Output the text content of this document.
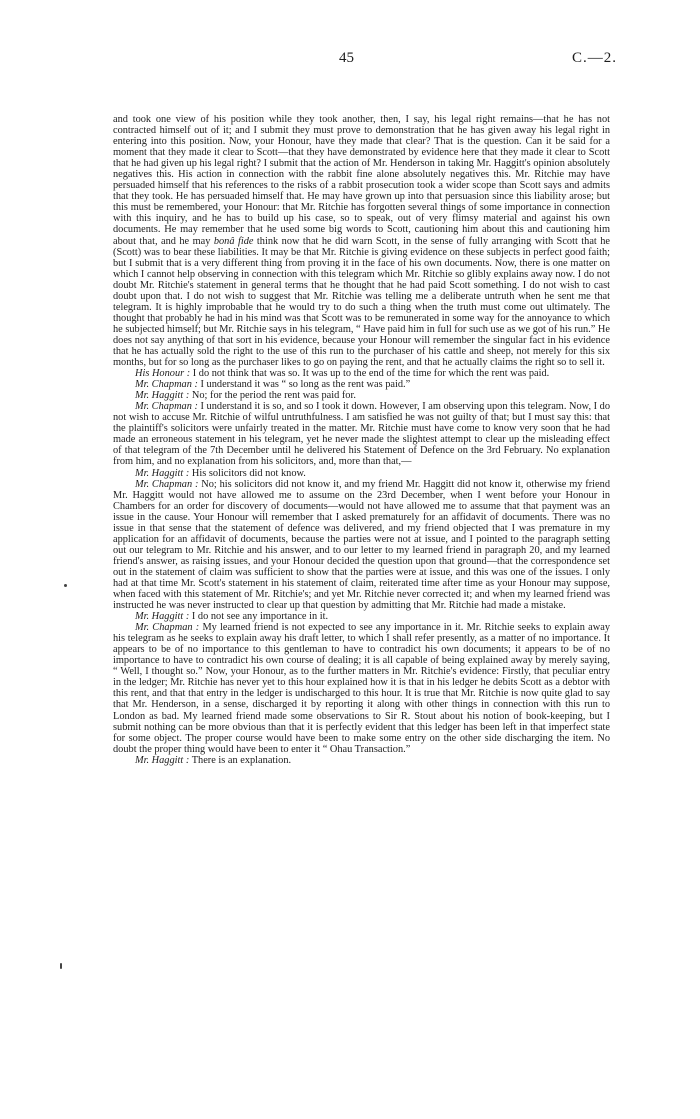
45	C.—2.

and took one view of his position while they took another, then, I say, his legal right remains—that he has not contracted himself out of it; and I submit they must prove to demonstration that he has given away his legal right in entering into this position. Now, your Honour, have they made that clear? That is the question. Can it be said for a moment that they made it clear to Scott—that they have demonstrated by evidence here that they made it clear to Scott that he had given up his legal right? I submit that the action of Mr. Henderson in taking Mr. Haggitt's opinion absolutely negatives this. His action in connection with the rabbit fine alone absolutely negatives this. Mr. Ritchie may have persuaded himself that his references to the risks of a rabbit prosecution took a wider scope than Scott says and admits that they took. He has persuaded himself that. He may have grown up into that persuasion since this liability arose; but this must be remembered, your Honour: that Mr. Ritchie has forgotten several things of some importance in connection with this inquiry, and he has to build up his case, so to speak, out of very flimsy material and against his own documents. He may remember that he used some big words to Scott, cautioning him about this and cautioning him about that, and he may bonâ fide think now that he did warn Scott, in the sense of fully arranging with Scott that he (Scott) was to bear these liabilities. It may be that Mr. Ritchie is giving evidence on these subjects in perfect good faith; but I submit that is a very different thing from proving it in the face of his own documents. Now, there is one matter on which I cannot help observing in connection with this telegram which Mr. Ritchie so glibly explains away now. I do not doubt Mr. Ritchie's statement in general terms that he thought that he had paid Scott something. I do not wish to cast doubt upon that. I do not wish to suggest that Mr. Ritchie was telling me a deliberate untruth when he sent me that telegram. It is highly improbable that he would try to do such a thing when the truth must come out ultimately. The thought that probably he had in his mind was that Scott was to be remunerated in some way for the annoyance to which he subjected himself; but Mr. Ritchie says in his telegram, “ Have paid him in full for such use as we got of his run.” He does not say anything of that sort in his evidence, because your Honour will remember the singular fact in his evidence that he has actually sold the right to the use of this run to the purchaser of his cattle and sheep, not merely for this six months, but for so long as the purchaser likes to go on paying the rent, and that he actually claims the right so to sell it.

His Honour : I do not think that was so. It was up to the end of the time for which the rent was paid.

Mr. Chapman : I understand it was “ so long as the rent was paid.”

Mr. Haggitt : No; for the period the rent was paid for.

Mr. Chapman : I understand it is so, and so I took it down. However, I am observing upon this telegram. Now, I do not wish to accuse Mr. Ritchie of wilful untruthfulness. I am satisfied he was not guilty of that; but I must say this: that the plaintiff's solicitors were unfairly treated in the matter. Mr. Ritchie must have come to know very soon that he had made an erroneous statement in his telegram, yet he never made the slightest attempt to clear up the misleading effect of that telegram of the 7th December until he delivered his Statement of Defence on the 3rd February. No explanation from him, and no explanation from his solicitors, and, more than that,—

Mr. Haggitt : His solicitors did not know.

Mr. Chapman : No; his solicitors did not know it, and my friend Mr. Haggitt did not know it, otherwise my friend Mr. Haggitt would not have allowed me to assume on the 23rd December, when I went before your Honour in Chambers for an order for discovery of documents—would not have allowed me to assume that that payment was an issue in the cause. Your Honour will remember that I asked prematurely for an affidavit of documents. There was no issue in that sense that the statement of defence was delivered, and my friend objected that I was premature in my application for an affidavit of documents, because the parties were not at issue, and I pointed to the paragraph setting out our telegram to Mr. Ritchie and his answer, and to our letter to my learned friend in paragraph 20, and my learned friend's answer, as raising issues, and your Honour decided the question upon that ground—that the correspondence set out in the statement of claim was sufficient to show that the parties were at issue, and this was one of the issues. I only had at that time Mr. Scott's statement in his statement of claim, reiterated time after time as your Honour may suppose, when faced with this statement of Mr. Ritchie's; and yet Mr. Ritchie never corrected it; and when my learned friend was instructed he was never instructed to clear up that question by admitting that Mr. Ritchie had made a mistake.

Mr. Haggitt : I do not see any importance in it.

Mr. Chapman : My learned friend is not expected to see any importance in it. Mr. Ritchie seeks to explain away his telegram as he seeks to explain away his draft letter, to which I shall refer presently, as a matter of no importance. It appears to be of no importance to this gentleman to have to contradict his own documents; it appears to be of no importance to have to contradict his own course of dealing; it is all capable of being explained away by merely saying, “ Well, I thought so.” Now, your Honour, as to the further matters in Mr. Ritchie's evidence: Firstly, that peculiar entry in the ledger; Mr. Ritchie has never yet to this hour explained how it is that in his ledger he debits Scott as a debtor with this rent, and that that entry in the ledger is undischarged to this hour. It is true that Mr. Ritchie is now quite glad to say that Mr. Henderson, in a sense, discharged it by reporting it along with other things in connection with this run to London as bad. My learned friend made some observations to Sir R. Stout about his notion of book-keeping, but I submit nothing can be more obvious than that it is perfectly evident that this ledger has been left in that imperfect state for some object. The proper course would have been to make some entry on the other side discharging the item. No doubt the proper thing would have been to enter it “ Ohau Transaction.”

Mr. Haggitt : There is an explanation.
